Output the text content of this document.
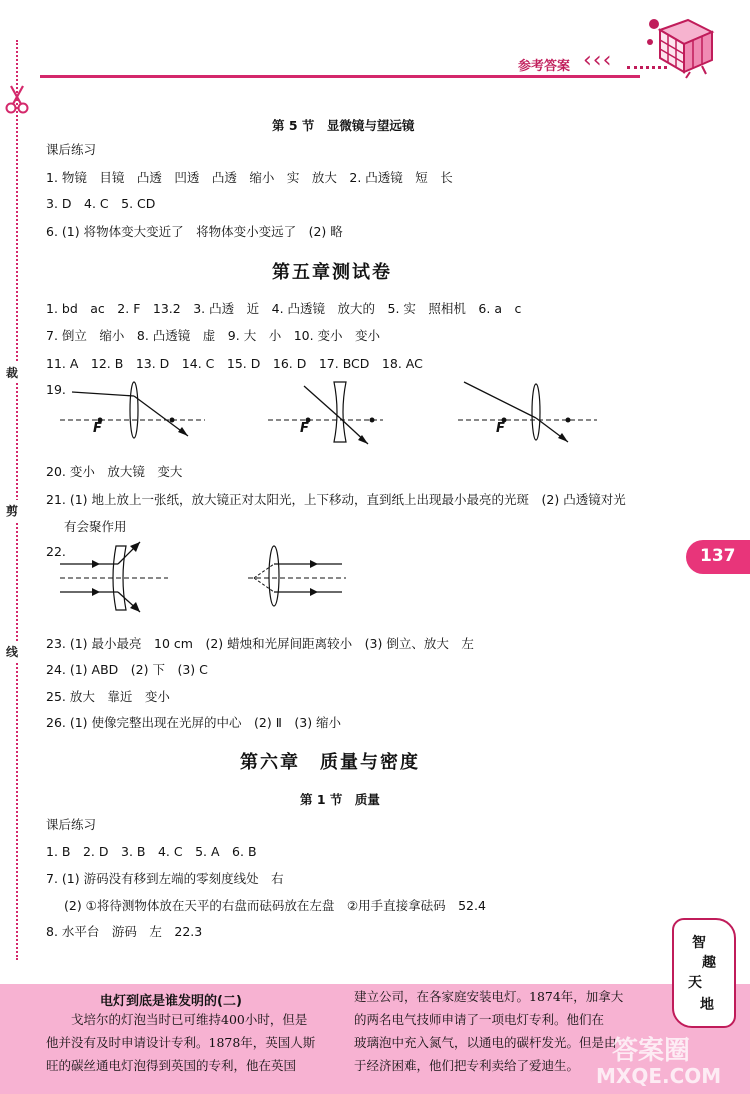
参考答案 ‹‹‹
裁
剪
线
137
第 5 节　显微镜与望远镜
课后练习
1. 物镜　目镜　凸透　凹透　凸透　缩小　实　放大　2. 凸透镜　短　长
3. D　4. C　5. CD
6. (1) 将物体变大变近了　将物体变小变远了　(2) 略
第五章测试卷
1. bd　ac　2. F　13.2　3. 凸透　近　4. 凸透镜　放大的　5. 实　照相机　6. a　c
7. 倒立　缩小　8. 凸透镜　虚　9. 大　小　10. 变小　变小
11. A　12. B　13. D　14. C　15. D　16. D　17. BCD　18. AC
19.
F	F	F
20. 变小　放大镜　变大
21. (1) 地上放上一张纸，放大镜正对太阳光，上下移动，直到纸上出现最小最亮的光斑　(2) 凸透镜对光
有会聚作用
22.
23. (1) 最小最亮　10 cm　(2) 蜡烛和光屏间距离较小　(3) 倒立、放大　左
24. (1) ABD　(2) 下　(3) C
25. 放大　靠近　变小
26. (1) 使像完整出现在光屏的中心　(2) Ⅱ　(3) 缩小
第六章　质量与密度
第 1 节　质量
课后练习
1. B　2. D　3. B　4. C　5. A　6. B
7. (1) 游码没有移到左端的零刻度线处　右
(2) ①将待测物体放在天平的右盘而砝码放在左盘　②用手直接拿砝码　52.4
8. 水平台　游码　左　22.3
电灯到底是谁发明的(二)
　　戈培尔的灯泡当时已可维持400小时，但是
他并没有及时申请设计专利。1878年，英国人斯
旺的碳丝通电灯泡得到英国的专利，他在英国
建立公司，在各家庭安装电灯。1874年，加拿大
的两名电气技师申请了一项电灯专利。他们在
玻璃泡中充入氮气，以通电的碳杆发光。但是由
于经济困难，他们把专利卖给了爱迪生。	答案圈
MXQE.COM
智
趣
天
地
